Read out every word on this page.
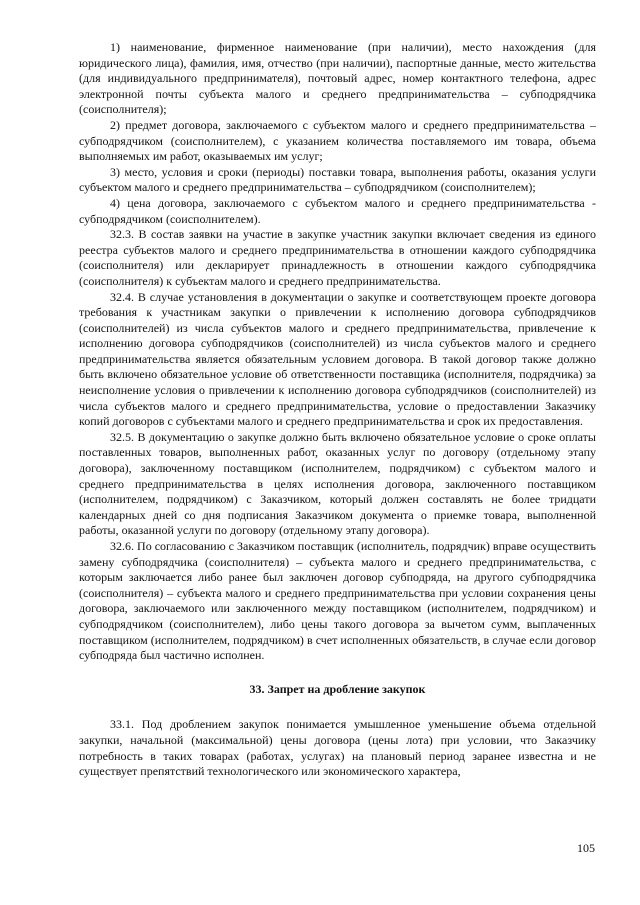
1) наименование, фирменное наименование (при наличии), место нахождения (для юридического лица), фамилия, имя, отчество (при наличии), паспортные данные, место жительства (для индивидуального предпринимателя), почтовый адрес, номер контактного телефона, адрес электронной почты субъекта малого и среднего предпринимательства – субподрядчика (соисполнителя);

2) предмет договора, заключаемого с субъектом малого и среднего предпринимательства – субподрядчиком (соисполнителем), с указанием количества поставляемого им товара, объема выполняемых им работ, оказываемых им услуг;

3) место, условия и сроки (периоды) поставки товара, выполнения работы, оказания услуги субъектом малого и среднего предпринимательства – субподрядчиком (соисполнителем);

4) цена договора, заключаемого с субъектом малого и среднего предпринимательства - субподрядчиком (соисполнителем).

32.3. В состав заявки на участие в закупке участник закупки включает сведения из единого реестра субъектов малого и среднего предпринимательства в отношении каждого субподрядчика (соисполнителя) или декларирует принадлежность в отношении каждого субподрядчика (соисполнителя) к субъектам малого и среднего предпринимательства.

32.4. В случае установления в документации о закупке и соответствующем проекте договора требования к участникам закупки о привлечении к исполнению договора субподрядчиков (соисполнителей) из числа субъектов малого и среднего предпринимательства, привлечение к исполнению договора субподрядчиков (соисполнителей) из числа субъектов малого и среднего предпринимательства является обязательным условием договора. В такой договор также должно быть включено обязательное условие об ответственности поставщика (исполнителя, подрядчика) за неисполнение условия о привлечении к исполнению договора субподрядчиков (соисполнителей) из числа субъектов малого и среднего предпринимательства, условие о предоставлении Заказчику копий договоров с субъектами малого и среднего предпринимательства и срок их предоставления.

32.5. В документацию о закупке должно быть включено обязательное условие о сроке оплаты поставленных товаров, выполненных работ, оказанных услуг по договору (отдельному этапу договора), заключенному поставщиком (исполнителем, подрядчиком) с субъектом малого и среднего предпринимательства в целях исполнения договора, заключенного поставщиком (исполнителем, подрядчиком) с Заказчиком, который должен составлять не более тридцати календарных дней со дня подписания Заказчиком документа о приемке товара, выполненной работы, оказанной услуги по договору (отдельному этапу договора).

32.6. По согласованию с Заказчиком поставщик (исполнитель, подрядчик) вправе осуществить замену субподрядчика (соисполнителя) – субъекта малого и среднего предпринимательства, с которым заключается либо ранее был заключен договор субподряда, на другого субподрядчика (соисполнителя) – субъекта малого и среднего предпринимательства при условии сохранения цены договора, заключаемого или заключенного между поставщиком (исполнителем, подрядчиком) и субподрядчиком (соисполнителем), либо цены такого договора за вычетом сумм, выплаченных поставщиком (исполнителем, подрядчиком) в счет исполненных обязательств, в случае если договор субподряда был частично исполнен.

33. Запрет на дробление закупок

33.1. Под дроблением закупок понимается умышленное уменьшение объема отдельной закупки, начальной (максимальной) цены договора (цены лота) при условии, что Заказчику потребность в таких товарах (работах, услугах) на плановый период заранее известна и не существует препятствий технологического или экономического характера,

105
